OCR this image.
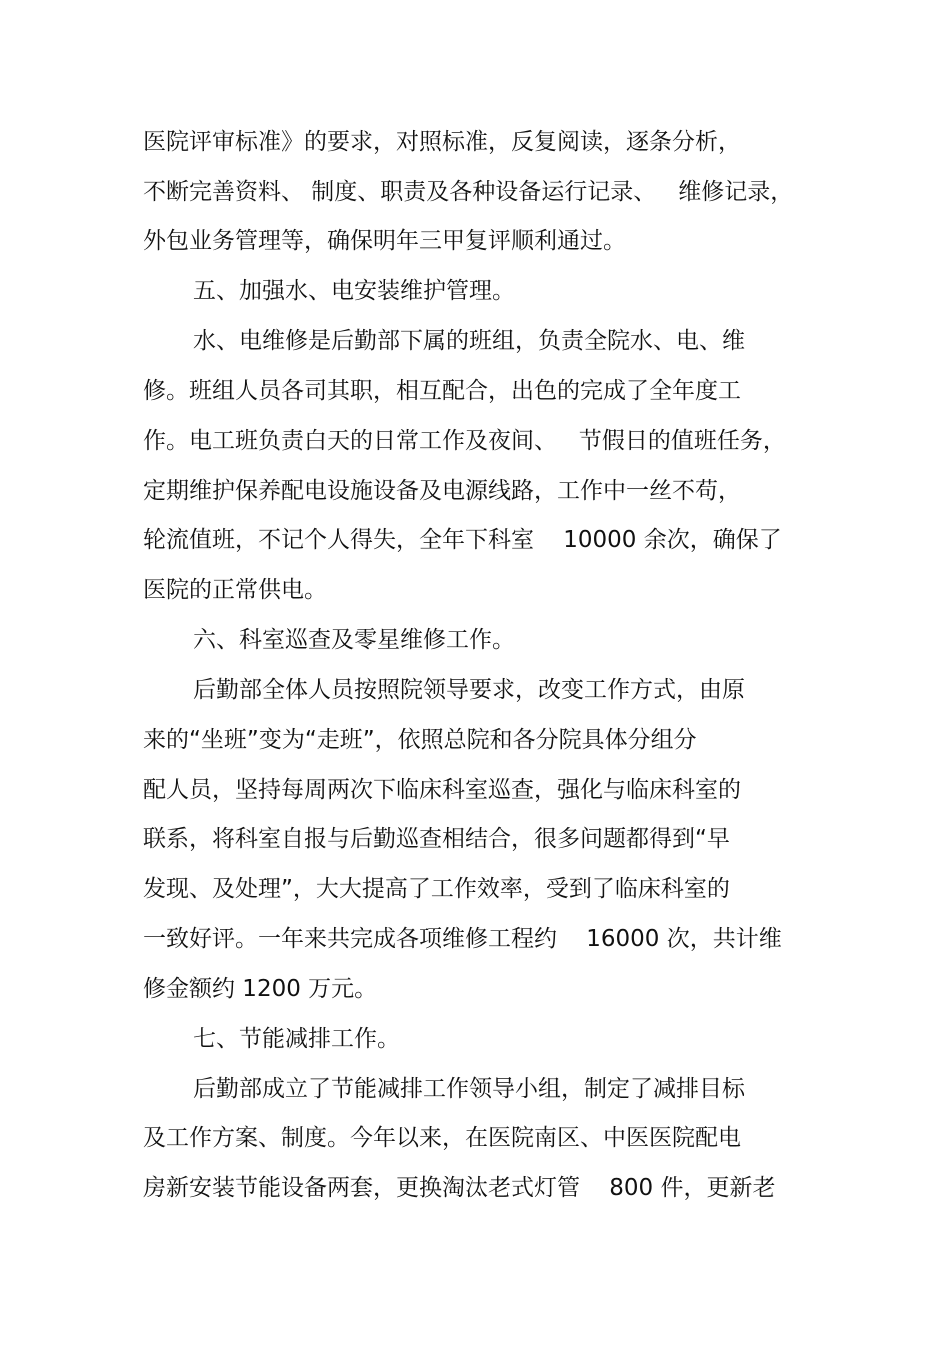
医院评审标准》的要求，对照标准，反复阅读，逐条分析，
不断完善资料、 制度、职责及各种设备运行记录、   维修记录，
外包业务管理等，确保明年三甲复评顺利通过。
五、加强水、电安装维护管理。
水、电维修是后勤部下属的班组，负责全院水、电、维
修。班组人员各司其职，相互配合，出色的完成了全年度工
作。电工班负责白天的日常工作及夜间、   节假日的值班任务，
定期维护保养配电设施设备及电源线路，工作中一丝不苟，
轮流值班，不记个人得失，全年下科室    10000 余次，确保了
医院的正常供电。
六、科室巡查及零星维修工作。
后勤部全体人员按照院领导要求，改变工作方式，由原
来的“坐班”变为“走班”，依照总院和各分院具体分组分
配人员，坚持每周两次下临床科室巡查，强化与临床科室的
联系，将科室自报与后勤巡查相结合，很多问题都得到“早
发现、及处理”，大大提高了工作效率，受到了临床科室的
一致好评。一年来共完成各项维修工程约    16000 次，共计维
修金额约 1200 万元。
七、节能减排工作。
后勤部成立了节能减排工作领导小组，制定了减排目标
及工作方案、制度。今年以来，在医院南区、中医医院配电
房新安装节能设备两套，更换淘汰老式灯管    800 件，更新老
